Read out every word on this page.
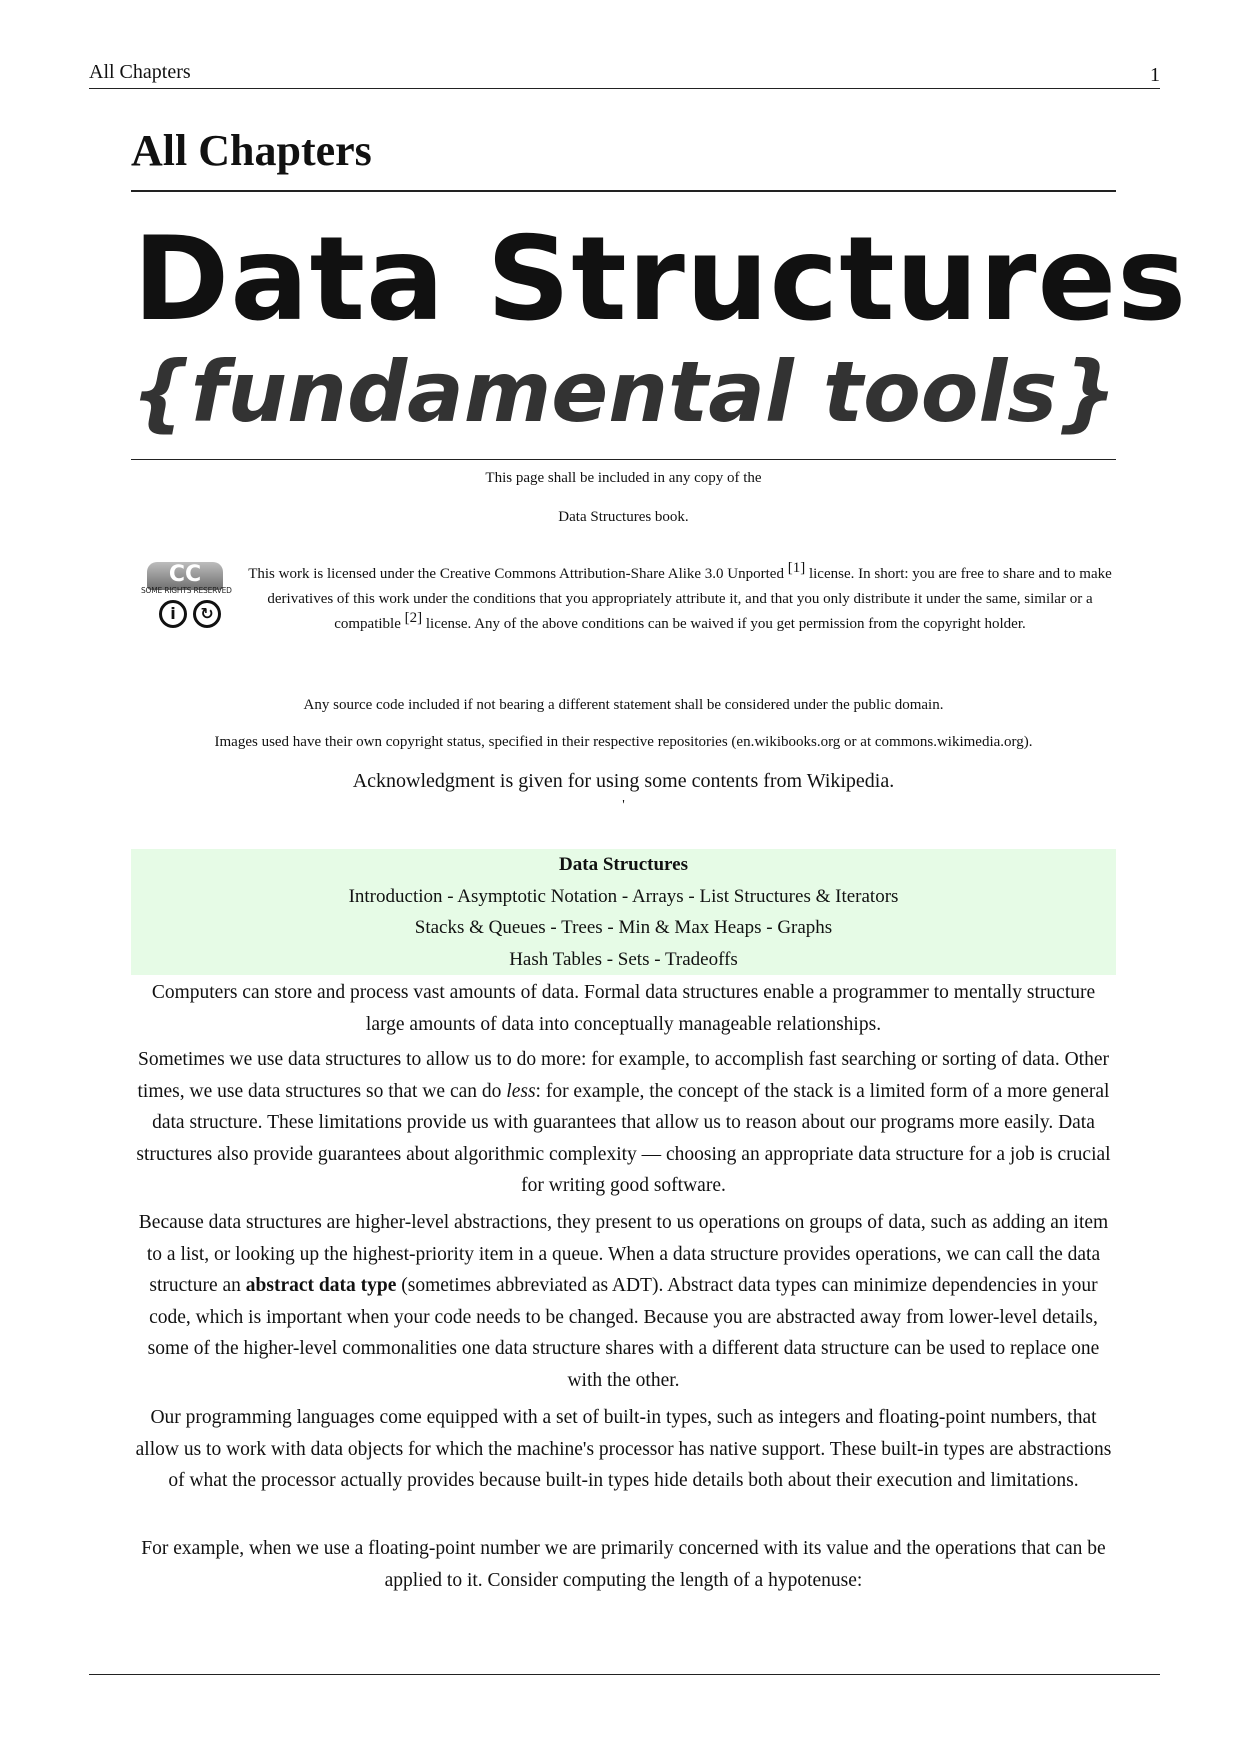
All Chapters	1
All Chapters
Data Structures
{fundamental tools}
This page shall be included in any copy of the
Data Structures book.
CC
SOME RIGHTS RESERVED
i	↻
This work is licensed under the Creative Commons Attribution-Share Alike 3.0 Unported [1] license. In short: you are free to share and to make derivatives of this work under the conditions that you appropriately attribute it, and that you only distribute it under the same, similar or a compatible [2] license. Any of the above conditions can be waived if you get permission from the copyright holder.
Any source code included if not bearing a different statement shall be considered under the public domain.
Images used have their own copyright status, specified in their respective repositories (en.wikibooks.org or at commons.wikimedia.org).
Acknowledgment is given for using some contents from Wikipedia.
'
Data Structures
Introduction - Asymptotic Notation - Arrays - List Structures & Iterators
Stacks & Queues - Trees - Min & Max Heaps - Graphs
Hash Tables - Sets - Tradeoffs

Computers can store and process vast amounts of data. Formal data structures enable a programmer to mentally structure large amounts of data into conceptually manageable relationships.

Sometimes we use data structures to allow us to do more: for example, to accomplish fast searching or sorting of data. Other times, we use data structures so that we can do less: for example, the concept of the stack is a limited form of a more general data structure. These limitations provide us with guarantees that allow us to reason about our programs more easily. Data structures also provide guarantees about algorithmic complexity — choosing an appropriate data structure for a job is crucial for writing good software.

Because data structures are higher-level abstractions, they present to us operations on groups of data, such as adding an item to a list, or looking up the highest-priority item in a queue. When a data structure provides operations, we can call the data structure an abstract data type (sometimes abbreviated as ADT). Abstract data types can minimize dependencies in your code, which is important when your code needs to be changed. Because you are abstracted away from lower-level details, some of the higher-level commonalities one data structure shares with a different data structure can be used to replace one with the other.

Our programming languages come equipped with a set of built-in types, such as integers and floating-point numbers, that allow us to work with data objects for which the machine's processor has native support. These built-in types are abstractions of what the processor actually provides because built-in types hide details both about their execution and limitations.

For example, when we use a floating-point number we are primarily concerned with its value and the operations that can be applied to it. Consider computing the length of a hypotenuse:
